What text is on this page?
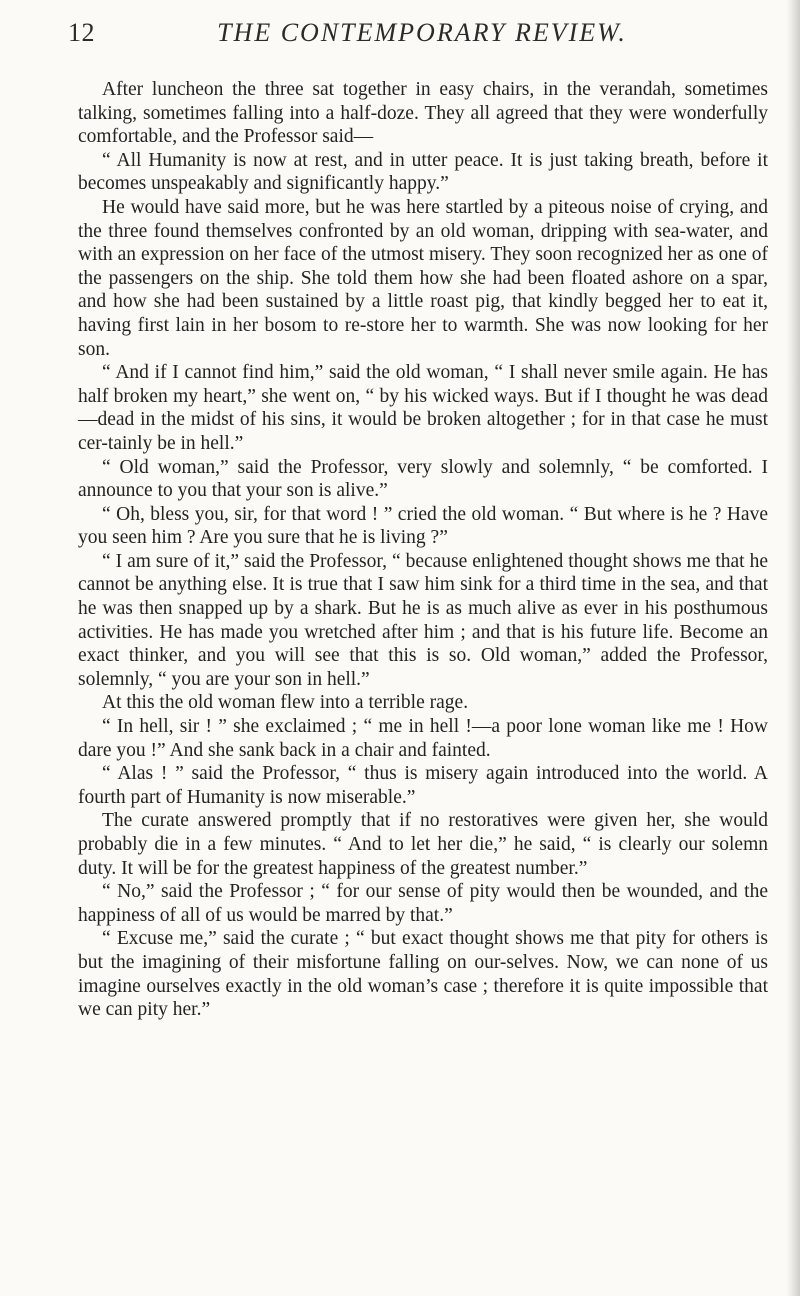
12	THE CONTEMPORARY REVIEW.

After luncheon the three sat together in easy chairs, in the verandah, sometimes talking, sometimes falling into a half-doze. They all agreed that they were wonderfully comfortable, and the Professor said—

“ All Humanity is now at rest, and in utter peace. It is just taking breath, before it becomes unspeakably and significantly happy.”

He would have said more, but he was here startled by a piteous noise of crying, and the three found themselves confronted by an old woman, dripping with sea-water, and with an expression on her face of the utmost misery. They soon recognized her as one of the passengers on the ship. She told them how she had been floated ashore on a spar, and how she had been sustained by a little roast pig, that kindly begged her to eat it, having first lain in her bosom to re-store her to warmth. She was now looking for her son.

“ And if I cannot find him,” said the old woman, “ I shall never smile again. He has half broken my heart,” she went on, “ by his wicked ways. But if I thought he was dead—dead in the midst of his sins, it would be broken altogether ; for in that case he must cer-tainly be in hell.”

“ Old woman,” said the Professor, very slowly and solemnly, “ be comforted. I announce to you that your son is alive.”

“ Oh, bless you, sir, for that word ! ” cried the old woman. “ But where is he ? Have you seen him ? Are you sure that he is living ?”

“ I am sure of it,” said the Professor, “ because enlightened thought shows me that he cannot be anything else. It is true that I saw him sink for a third time in the sea, and that he was then snapped up by a shark. But he is as much alive as ever in his posthumous activities. He has made you wretched after him ; and that is his future life. Become an exact thinker, and you will see that this is so. Old woman,” added the Professor, solemnly, “ you are your son in hell.”

At this the old woman flew into a terrible rage.

“ In hell, sir ! ” she exclaimed ; “ me in hell !—a poor lone woman like me ! How dare you !” And she sank back in a chair and fainted.

“ Alas ! ” said the Professor, “ thus is misery again introduced into the world. A fourth part of Humanity is now miserable.”

The curate answered promptly that if no restoratives were given her, she would probably die in a few minutes. “ And to let her die,” he said, “ is clearly our solemn duty. It will be for the greatest happiness of the greatest number.”

“ No,” said the Professor ; “ for our sense of pity would then be wounded, and the happiness of all of us would be marred by that.”

“ Excuse me,” said the curate ; “ but exact thought shows me that pity for others is but the imagining of their misfortune falling on our-selves. Now, we can none of us imagine ourselves exactly in the old woman’s case ; therefore it is quite impossible that we can pity her.”
